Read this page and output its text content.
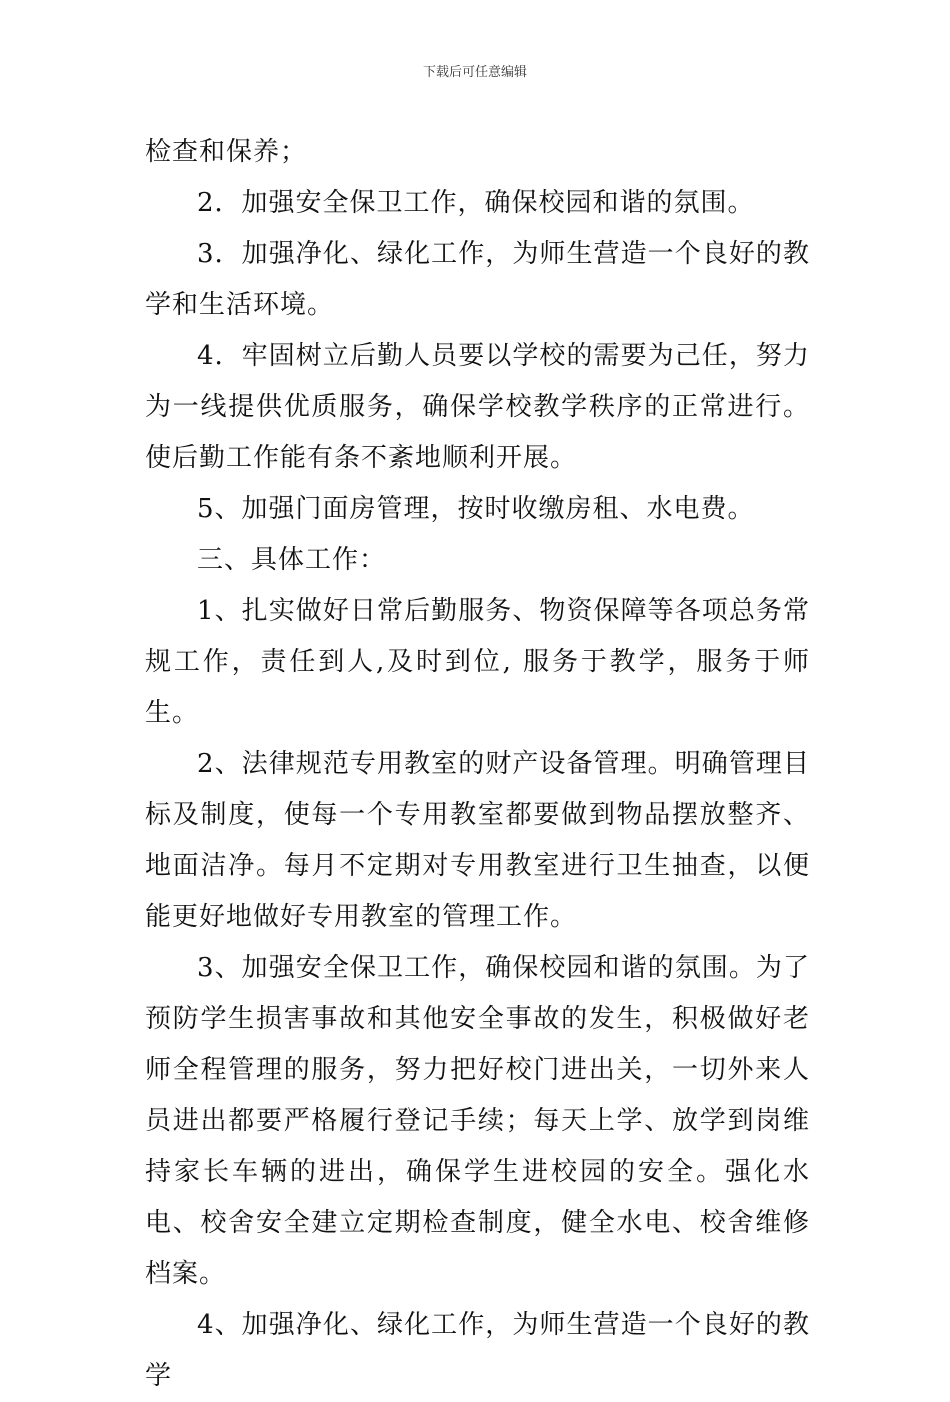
下载后可任意编辑

检查和保养；

2．加强安全保卫工作，确保校园和谐的氛围。

3．加强净化、绿化工作，为师生营造一个良好的教学和生活环境。

4．牢固树立后勤人员要以学校的需要为己任，努力为一线提供优质服务，确保学校教学秩序的正常进行。使后勤工作能有条不紊地顺利开展。

5、加强门面房管理，按时收缴房租、水电费。

三、具体工作：

1、扎实做好日常后勤服务、物资保障等各项总务常规工作，责任到人,及时到位, 服务于教学，服务于师生。

2、法律规范专用教室的财产设备管理。明确管理目标及制度，使每一个专用教室都要做到物品摆放整齐、地面洁净。每月不定期对专用教室进行卫生抽查，以便能更好地做好专用教室的管理工作。

3、加强安全保卫工作，确保校园和谐的氛围。为了预防学生损害事故和其他安全事故的发生，积极做好老师全程管理的服务，努力把好校门进出关，一切外来人员进出都要严格履行登记手续；每天上学、放学到岗维持家长车辆的进出，确保学生进校园的安全。强化水电、校舍安全建立定期检查制度，健全水电、校舍维修档案。

4、加强净化、绿化工作，为师生营造一个良好的教学
